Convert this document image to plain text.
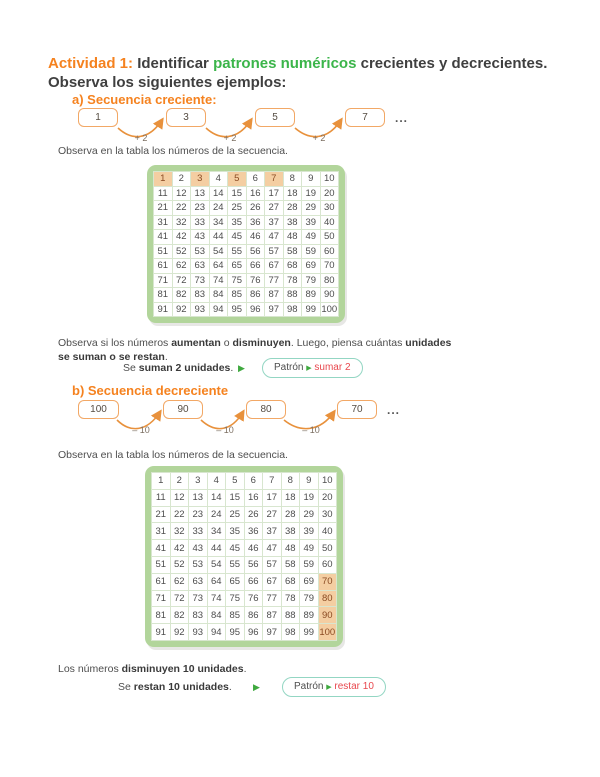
Actividad 1: Identificar patrones numéricos crecientes y decrecientes.
Observa los siguientes ejemplos:
a) Secuencia creciente:
1	3	5	7
+ 2	+ 2	+ 2
...
Observa en la tabla los números de la secuencia.
1	2	3	4	5	6	7	8	9	10
11 12 13 14 15 16 17 18 19 20
21 22 23 24 25 26 27 28 29 30
31 32 33 34 35 36 37 38 39 40
41 42 43 44 45 46 47 48 49 50
51 52 53 54 55 56 57 58 59 60
61 62 63 64 65 66 67 68 69 70
71 72 73 74 75 76 77 78 79 80
81 82 83 84 85 86 87 88 89 90
91 92 93 94 95 96 97 98 99 100
Observa si los números aumentan o disminuyen. Luego, piensa cuántas unidades
se suman o se restan.
Se suman 2 unidades. ▶	Patrón ▶ sumar 2
b) Secuencia decreciente
100	90	80	70
– 10	– 10	– 10
...
Observa en la tabla los números de la secuencia.
1	2	3	4	5	6	7	8	9	10
11 12 13 14 15 16 17 18 19 20
21 22 23 24 25 26 27 28 29 30
31 32 33 34 35 36 37 38 39 40
41 42 43 44 45 46 47 48 49 50
51 52 53 54 55 56 57 58 59 60
61 62 63 64 65 66 67 68 69 70
71 72 73 74 75 76 77 78 79 80
81 82 83 84 85 86 87 88 89 90
91 92 93 94 95 96 97 98 99 100
Los números disminuyen 10 unidades.
Se restan 10 unidades. ▶	Patrón ▶ restar 10
